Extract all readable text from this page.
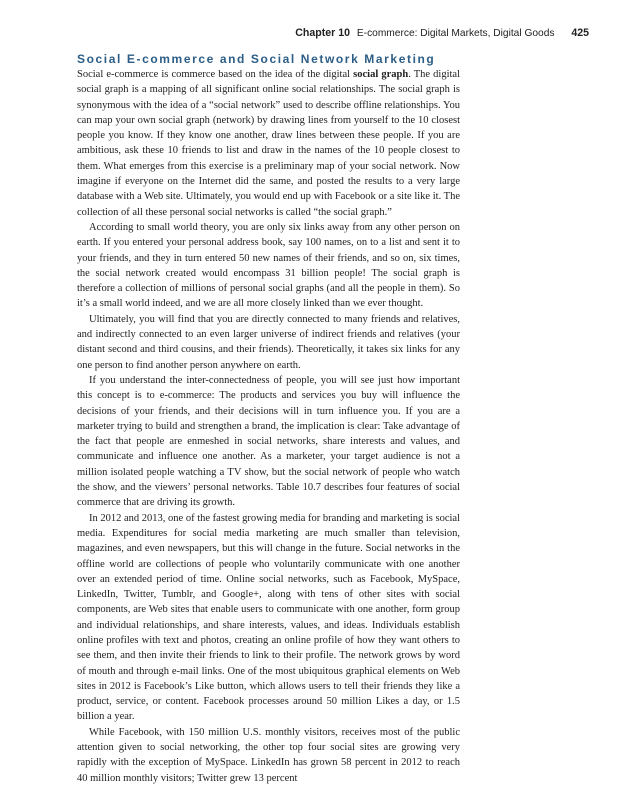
Chapter 10 E-commerce: Digital Markets, Digital Goods 425
Social E-commerce and Social Network Marketing

Social e-commerce is commerce based on the idea of the digital social graph. The digital social graph is a mapping of all significant online social relationships. The social graph is synonymous with the idea of a “social network” used to describe offline relationships. You can map your own social graph (network) by drawing lines from yourself to the 10 closest people you know. If they know one another, draw lines between these people. If you are ambitious, ask these 10 friends to list and draw in the names of the 10 people closest to them. What emerges from this exercise is a preliminary map of your social network. Now imagine if everyone on the Internet did the same, and posted the results to a very large database with a Web site. Ultimately, you would end up with Facebook or a site like it. The collection of all these personal social networks is called “the social graph.”

According to small world theory, you are only six links away from any other person on earth. If you entered your personal address book, say 100 names, on to a list and sent it to your friends, and they in turn entered 50 new names of their friends, and so on, six times, the social network created would encompass 31 billion people! The social graph is therefore a collection of millions of personal social graphs (and all the people in them). So it’s a small world indeed, and we are all more closely linked than we ever thought.

Ultimately, you will find that you are directly connected to many friends and relatives, and indirectly connected to an even larger universe of indirect friends and relatives (your distant second and third cousins, and their friends). Theoretically, it takes six links for any one person to find another person anywhere on earth.

If you understand the inter-connectedness of people, you will see just how important this concept is to e-commerce: The products and services you buy will influence the decisions of your friends, and their decisions will in turn influence you. If you are a marketer trying to build and strengthen a brand, the implication is clear: Take advantage of the fact that people are enmeshed in social networks, share interests and values, and communicate and influence one another. As a marketer, your target audience is not a million isolated people watching a TV show, but the social network of people who watch the show, and the viewers’ personal networks. Table 10.7 describes four features of social commerce that are driving its growth.

In 2012 and 2013, one of the fastest growing media for branding and marketing is social media. Expenditures for social media marketing are much smaller than television, magazines, and even newspapers, but this will change in the future. Social networks in the offline world are collections of people who voluntarily communicate with one another over an extended period of time. Online social networks, such as Facebook, MySpace, LinkedIn, Twitter, Tumblr, and Google+, along with tens of other sites with social components, are Web sites that enable users to communicate with one another, form group and individual relationships, and share interests, values, and ideas. Individuals establish online profiles with text and photos, creating an online profile of how they want others to see them, and then invite their friends to link to their profile. The network grows by word of mouth and through e-mail links. One of the most ubiquitous graphical elements on Web sites in 2012 is Facebook’s Like button, which allows users to tell their friends they like a product, service, or content. Facebook processes around 50 million Likes a day, or 1.5 billion a year.

While Facebook, with 150 million U.S. monthly visitors, receives most of the public attention given to social networking, the other top four social sites are growing very rapidly with the exception of MySpace. LinkedIn has grown 58 percent in 2012 to reach 40 million monthly visitors; Twitter grew 13 percent
